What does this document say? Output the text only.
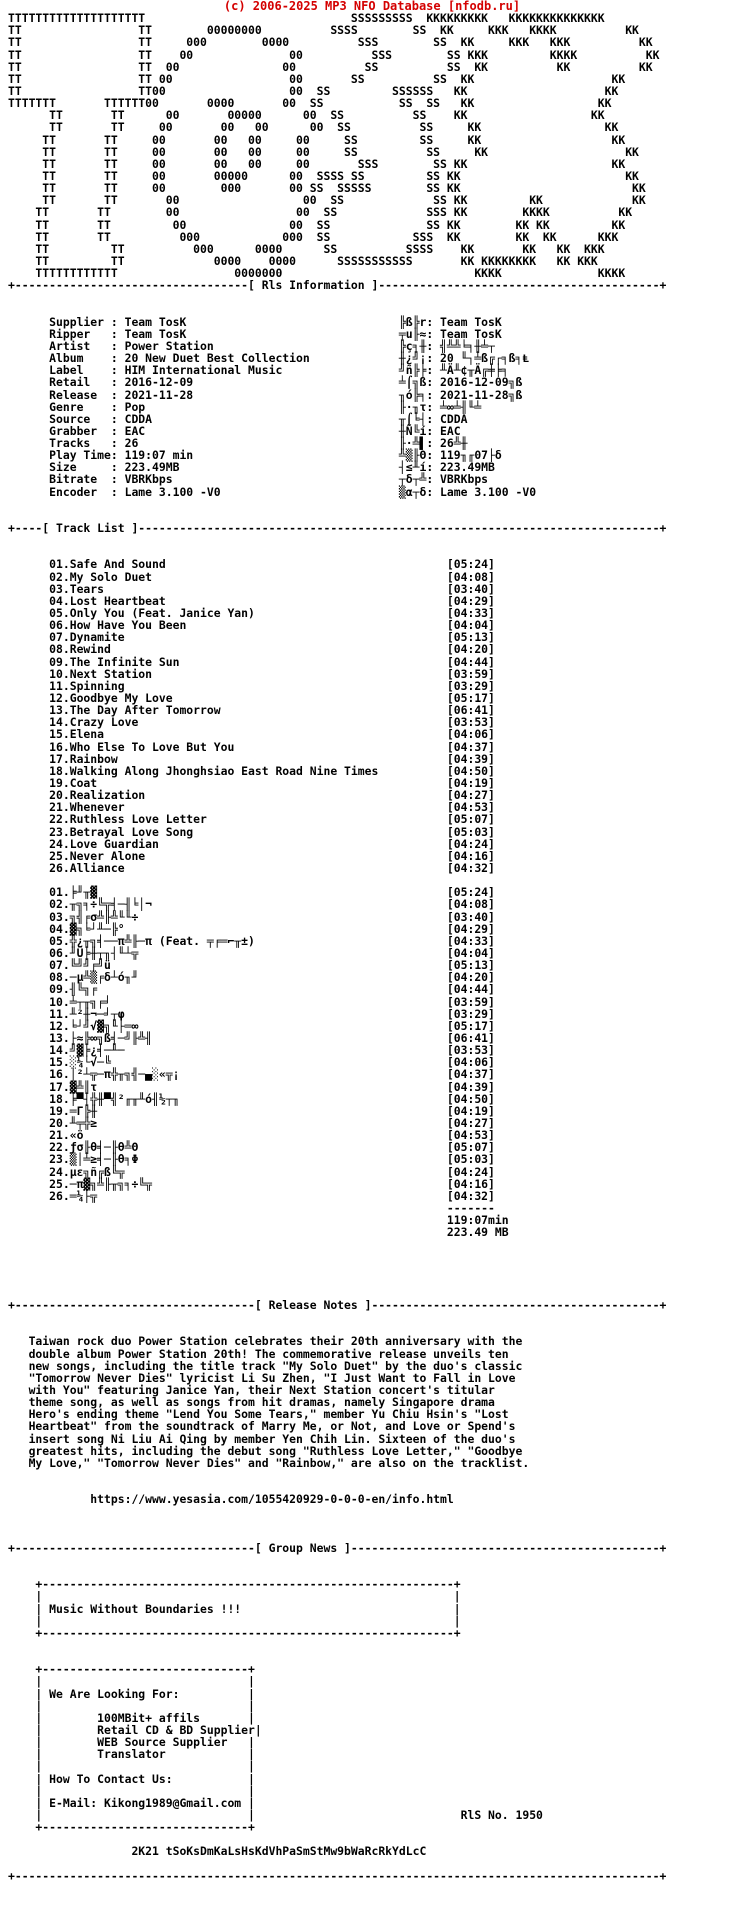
(c) 2006-2025 MP3 NFO Database [nfodb.ru]

TTTTTTTTTTTTTTTTTTTT                              SSSSSSSSS  KKKKKKKKK   KKKKKKKKKKKKKK
TT                 TT        00000000          SSSS        SS  KK     KKK   KKKK          KK
TT                 TT     000        0000          SSS        SS  KK     KKK   KKK          KK
TT                 TT    00              00          SSS        SS KKK         KKKK          KK
TT                 TT  00               00          SS          SS  KK          KK          KK
TT                 TT 00                 00       SS          SS  KK                    KK
TT                 TT00                  00  SS         SSSSSS   KK                    KK
TTTTTTT       TTTTTT00       0000       00  SS           SS  SS   KK                  KK
TT       TT      00       00000      00  SS          SS    KK                  KK
TT       TT     00       00   00      00  SS          SS     KK                  KK
TT       TT     00       00   00     00     SS         SS     KK                   KK
TT       TT     00       00   00     00     SS          SS     KK                    KK
TT       TT     00       00   00     00       SSS        SS KK                     KK
TT       TT     00       00000      00  SSSS SS         SS KK                        KK
TT       TT     00        000       00 SS  SSSSS        SS KK                         KK
TT       TT       00                  00  SS             SS KK         KK             KK
TT       TT        00                 00  SS             SSS KK        KKKK          KK
TT       TT         00               00  SS              SS KK        KK KK         KK
TT       TT          000            000  SS            SSS  KK        KK  KK      KKK
TT         TT          000      0000      SS          SSSS    KK       KK   KK  KKK
TT         TT             0000    0000      SSSSSSSSSSS       KK KKKKKKKK   KK KKK
TTTTTTTTTTTT                 0000000                            KKKK              KKKK
+----------------------------------[ Rls Information ]-----------------------------------------+

Supplier : Team TosK                               ╠ß╠r: Team TosK
Ripper   : Team TosK                               ╤u╟≈: Team TosK
Artist   : Power Station                           ╠ç╕╫: ╣╩╩╘╕╫╧┬
Album    : 20 New Duet Best Collection             ╫¿╝¡: 20 ╙┐╧ß╔┌╕ß╕Ⱡ
Label    : HIM International Music                 ╝ñ╠╞: ╨Ä╨¢╥Ä╔╪╞╕
Retail   : 2016-12-09                              ╧⌠╗ß: 2016-12-09╗ß
Release  : 2021-11-28                              ╖ó╠╕: 2021-11-28╗ß
Genre    : Pop                                     ╟·╖τ: ╧∞╧╢╙╧
Source   : CDDA                                    ╥⌠╘┤: CDDA
Grabber  : EAC                                     ╫Ñ╚í: EAC
Tracks   : 26                                      ╟·╩▌: 26╩╫
Play Time: 119:07 min                              ╩▒╟Θ: 119╖╓07├δ
Size     : 223.49MB                                ┤≤╨í: 223.49MB
Bitrate  : VBRKbps                                 ┬δ┬╩: VBRKbps
Encoder  : Lame 3.100 -V0                          ▒α┬δ: Lame 3.100 -V0

+----[ Track List ]----------------------------------------------------------------------------+

01.Safe And Sound                                         [05:24]
02.My Solo Duet                                           [04:08]
03.Tears                                                  [03:40]
04.Lost Heartbeat                                         [04:29]
05.Only You (Feat. Janice Yan)                            [04:33]
06.How Have You Been                                      [04:04]
07.Dynamite                                               [05:13]
08.Rewind                                                 [04:20]
09.The Infinite Sun                                       [04:44]
10.Next Station                                           [03:59]
11.Spinning                                               [03:29]
12.Goodbye My Love                                        [05:17]
13.The Day After Tomorrow                                 [06:41]
14.Crazy Love                                             [03:53]
15.Elena                                                  [04:06]
16.Who Else To Love But You                               [04:37]
17.Rainbow                                                [04:39]
18.Walking Along Jhonghsiao East Road Nine Times          [04:50]
19.Coat                                                   [04:19]
20.Realization                                            [04:27]
21.Whenever                                               [04:53]
22.Ruthless Love Letter                                   [05:07]
23.Betrayal Love Song                                     [05:03]
24.Love Guardian                                          [04:24]
25.Never Alone                                            [04:16]
26.Alliance                                               [04:32]

01.╞╜╥▓                                                   [05:24]
02.╥╗╕÷╚╦╡─╢╘│¬                                           [04:08]
03.╗╣╒σ╩╟╩╙╙÷                                             [03:40]
04.▓╗╘┘╨─╠°                                               [04:29]
05.╬¿╥╗╡──π╩╟─π (Feat. ╤╒═⌐╥±)                            [04:33]
06.╜Ü╞╫┬╖┤╙┴╦                                             [04:04]
07.╚╝╝╒╝ü                                                 [05:13]
08.─µ╩▒╒δ┴ó╖╜                                             [04:20]
09.╢╚╗╒                                                   [04:44]
10.╧┬╥╗╒╛                                                 [03:59]
11.╨²╫¬─╛┬φ                                               [03:29]
12.╘┘╝√▓╗╙├═∞                                             [05:17]
13.├≈╠∞╗ß╡─╝╟╩╢                                           [06:41]
14.╝▓╞¿╡─╨─                                               [03:53]
15.░¼└√─╚                                                 [04:06]
16.│²┴╦─π╬╥╗╣─▄░«╦¡                                       [04:37]
17.▓╩║τ                                                   [04:39]
18.╞▀┤╬╫▀╣²╓╥╨ó╢½┬╖                                       [04:50]
19.═Γ╠╫                                                   [04:19]
20.╨╤╬≥                                                   [04:27]
21.«ö                                                     [04:53]
22.ƒσ╟θ╡─╟θ╩Θ                                             [05:07]
23.▒│╧≥╡─╟θ╕Φ                                             [05:03]
24.µε╗ñ╔ß╚╦                                               [04:24]
25.─π▓╗╩╟╥╗╕÷╚╦                                           [04:16]
26.═¼├╦                                                   [04:32]
-------
119:07min
223.49 MB

+-----------------------------------[ Release Notes ]------------------------------------------+

Taiwan rock duo Power Station celebrates their 20th anniversary with the
double album Power Station 20th! The commemorative release unveils ten
new songs, including the title track "My Solo Duet" by the duo's classic
"Tomorrow Never Dies" lyricist Li Su Zhen, "I Just Want to Fall in Love
with You" featuring Janice Yan, their Next Station concert's titular
theme song, as well as songs from hit dramas, namely Singapore drama
Hero's ending theme "Lend You Some Tears," member Yu Chiu Hsin's "Lost
Heartbeat" from the soundtrack of Marry Me, or Not, and Love or Spend's
insert song Ni Liu Ai Qing by member Yen Chih Lin. Sixteen of the duo's
greatest hits, including the debut song "Ruthless Love Letter," "Goodbye
My Love," "Tomorrow Never Dies" and "Rainbow," are also on the tracklist.

https://www.yesasia.com/1055420929-0-0-0-en/info.html

+-----------------------------------[ Group News ]---------------------------------------------+

+------------------------------------------------------------+
|                                                            |
| Music Without Boundaries !!!                               |
|                                                            |
+------------------------------------------------------------+

+------------------------------+
|                              |
| We Are Looking For:          |
|                              |
|        100MBit+ affils       |
|        Retail CD & BD Supplier|
|        WEB Source Supplier   |
|        Translator            |
|                              |
| How To Contact Us:           |
|                              |
| E-Mail: Kikong1989@Gmail.com |
|                              |                              RlS No. 1950
+------------------------------+

2K21 tSoKsDmKaLsHsKdVhPaSmStMw9bWaRcRkYdLcC

+----------------------------------------------------------------------------------------------+
